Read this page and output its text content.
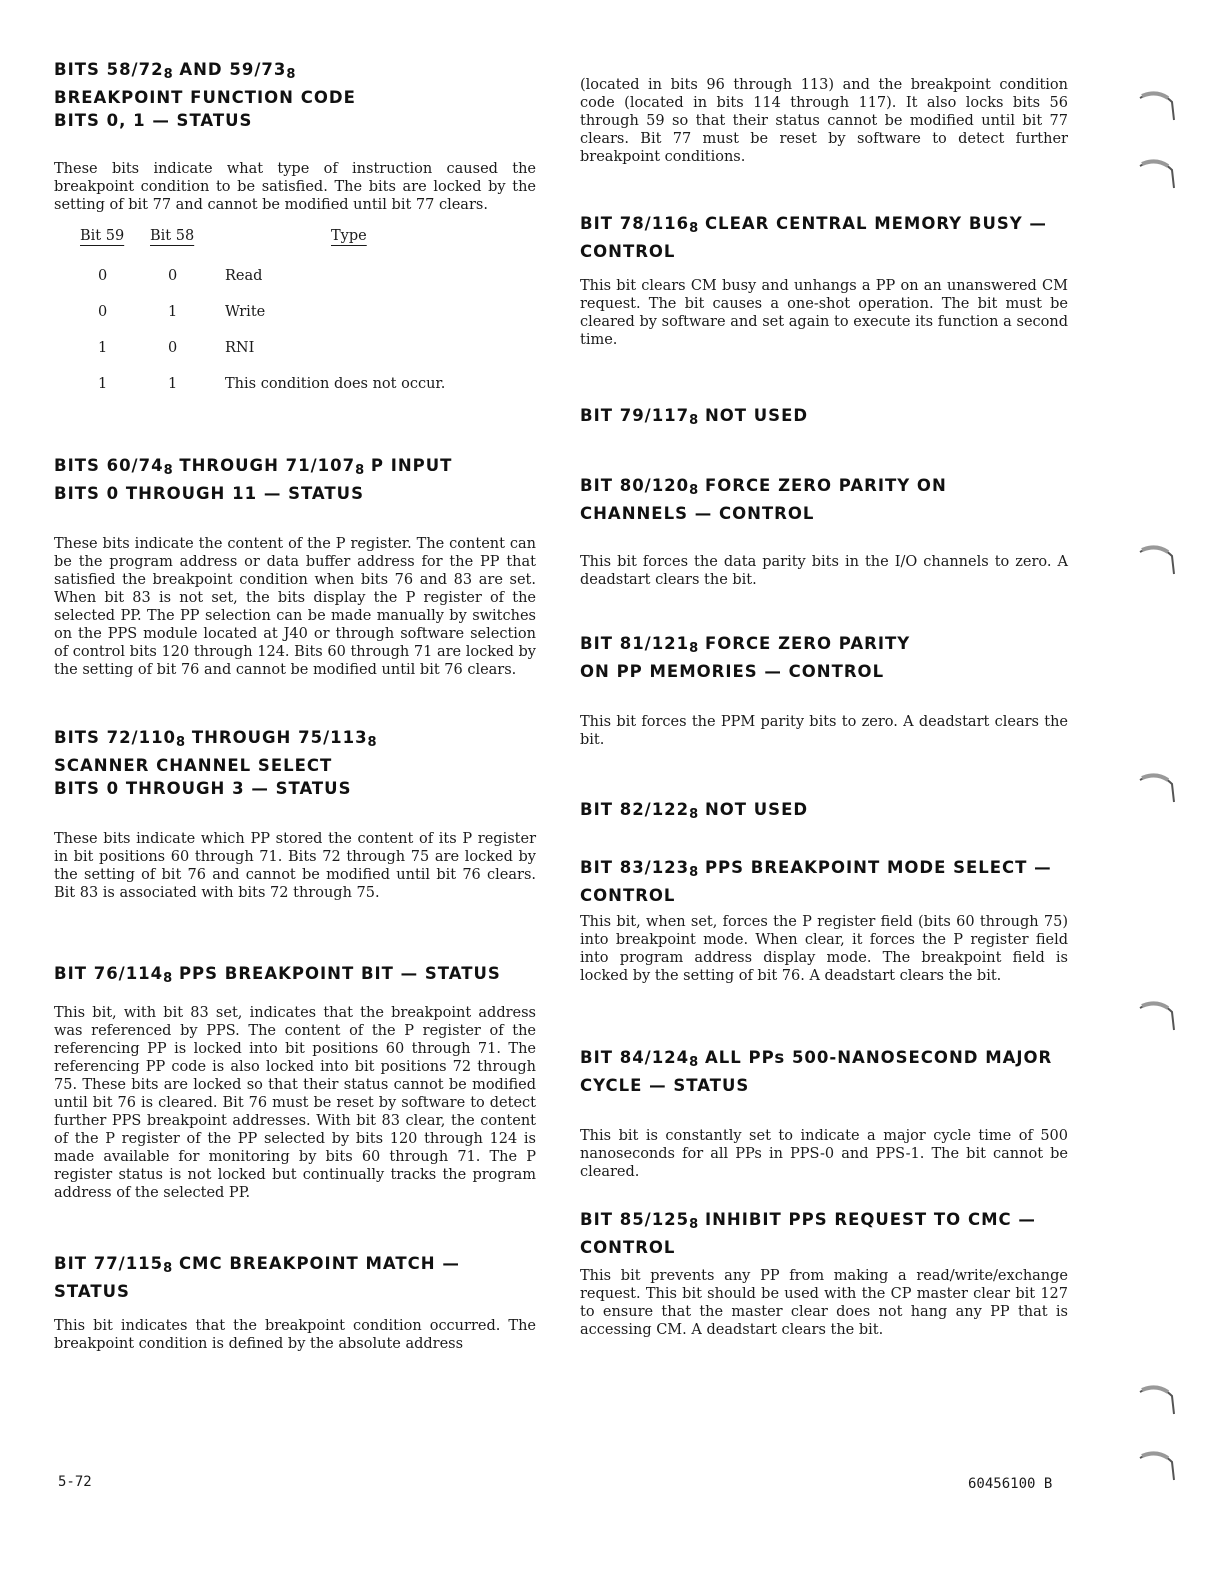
BITS $58/72_8$ AND $59/73_8$
BREAKPOINT FUNCTION CODE
BITS 0, 1 — STATUS

These bits indicate what type of instruction caused the breakpoint condition to be satisfied. The bits are locked by the setting of bit 77 and cannot be modified until bit 77 clears.

Bit 59	Bit 58	Type
0	0	Read
0	1	Write
1	0	RNI
1	1	This condition does not occur.
BITS $60/74_8$ THROUGH $71/107_8$ P INPUT
BITS 0 THROUGH 11 — STATUS

These bits indicate the content of the P register. The content can be the program address or data buffer address for the PP that satisfied the breakpoint condition when bits 76 and 83 are set. When bit 83 is not set, the bits display the P register of the selected PP. The PP selection can be made manually by switches on the PPS module located at J40 or through software selection of control bits 120 through 124. Bits 60 through 71 are locked by the setting of bit 76 and cannot be modified until bit 76 clears.

BITS $72/110_8$ THROUGH $75/113_8$
SCANNER CHANNEL SELECT
BITS 0 THROUGH 3 — STATUS

These bits indicate which PP stored the content of its P register in bit positions 60 through 71. Bits 72 through 75 are locked by the setting of bit 76 and cannot be modified until bit 76 clears. Bit 83 is associated with bits 72 through 75.

BIT $76/114_8$ PPS BREAKPOINT BIT — STATUS

This bit, with bit 83 set, indicates that the breakpoint address was referenced by PPS. The content of the P register of the referencing PP is locked into bit positions 60 through 71. The referencing PP code is also locked into bit positions 72 through 75. These bits are locked so that their status cannot be modified until bit 76 is cleared. Bit 76 must be reset by software to detect further PPS breakpoint addresses. With bit 83 clear, the content of the P register of the PP selected by bits 120 through 124 is made available for monitoring by bits 60 through 71. The P register status is not locked but continually tracks the program address of the selected PP.

BIT $77/115_8$ CMC BREAKPOINT MATCH — STATUS

This bit indicates that the breakpoint condition occurred. The breakpoint condition is defined by the absolute address

(located in bits 96 through 113) and the breakpoint condition code (located in bits 114 through 117). It also locks bits 56 through 59 so that their status cannot be modified until bit 77 clears. Bit 77 must be reset by software to detect further breakpoint conditions.

BIT $78/116_8$ CLEAR CENTRAL MEMORY BUSY —
CONTROL

This bit clears CM busy and unhangs a PP on an unanswered CM request. The bit causes a one-shot operation. The bit must be cleared by software and set again to execute its function a second time.

BIT $79/117_8$ NOT USED
BIT $80/120_8$ FORCE ZERO PARITY ON
CHANNELS — CONTROL

This bit forces the data parity bits in the I/O channels to zero. A deadstart clears the bit.

BIT $81/121_8$ FORCE ZERO PARITY
ON PP MEMORIES — CONTROL

This bit forces the PPM parity bits to zero. A deadstart clears the bit.

BIT $82/122_8$ NOT USED
BIT $83/123_8$ PPS BREAKPOINT MODE SELECT —
CONTROL

This bit, when set, forces the P register field (bits 60 through 75) into breakpoint mode. When clear, it forces the P register field into program address display mode. The breakpoint field is locked by the setting of bit 76. A deadstart clears the bit.

BIT $84/124_8$ ALL PPs 500-NANOSECOND MAJOR
CYCLE — STATUS

This bit is constantly set to indicate a major cycle time of 500 nanoseconds for all PPs in PPS-0 and PPS-1. The bit cannot be cleared.

BIT $85/125_8$ INHIBIT PPS REQUEST TO CMC —
CONTROL

This bit prevents any PP from making a read/write/exchange request. This bit should be used with the CP master clear bit 127 to ensure that the master clear does not hang any PP that is accessing CM. A deadstart clears the bit.

5-72	60456100 B
